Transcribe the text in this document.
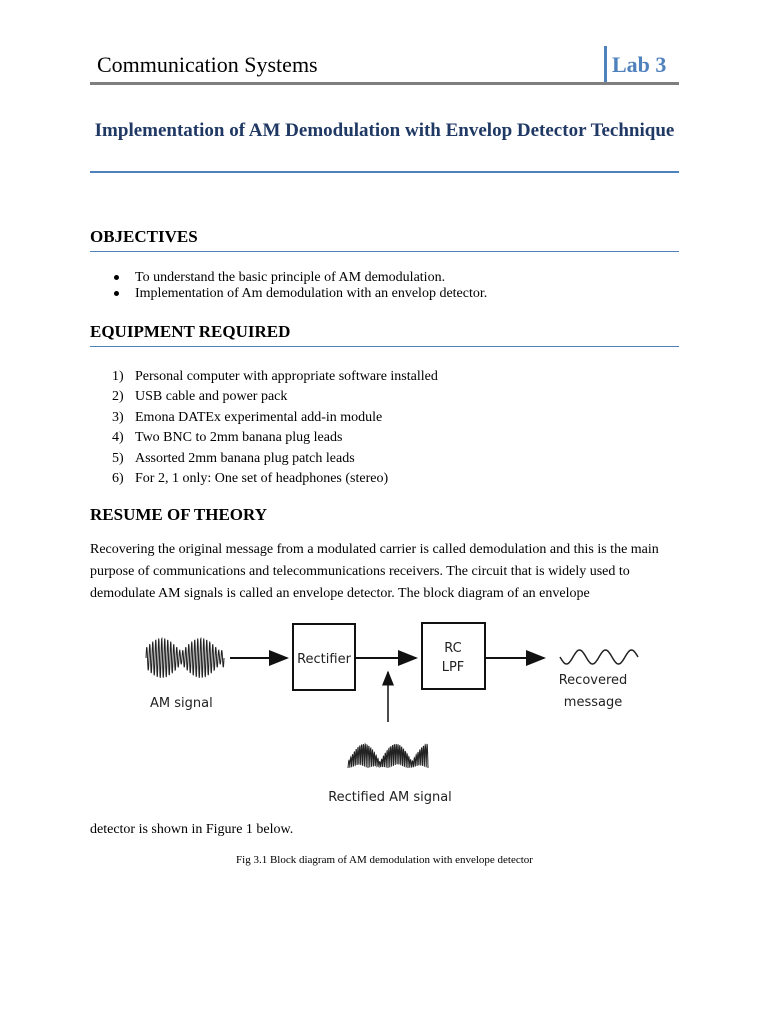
Communication Systems	Lab 3
Implementation of AM Demodulation with Envelop Detector Technique
OBJECTIVES
To understand the basic principle of AM demodulation.
Implementation of Am demodulation with an envelop detector.
EQUIPMENT REQUIRED
1) Personal computer with appropriate software installed
2) USB cable and power pack
3) Emona DATEx experimental add-in module
4) Two BNC to 2mm banana plug leads
5) Assorted 2mm banana plug patch leads
6) For 2, 1 only: One set of headphones (stereo)
RESUME OF THEORY
Recovering the original message from a modulated carrier is called demodulation and this is the main purpose of communications and telecommunications receivers. The circuit that is widely used to demodulate AM signals is called an envelope detector. The block diagram of an envelope
AM signal
Rectifier
RC
LPF
Recovered
message
Rectified AM signal
detector is shown in Figure 1 below.
Fig 3.1 Block diagram of AM demodulation with envelope detector
